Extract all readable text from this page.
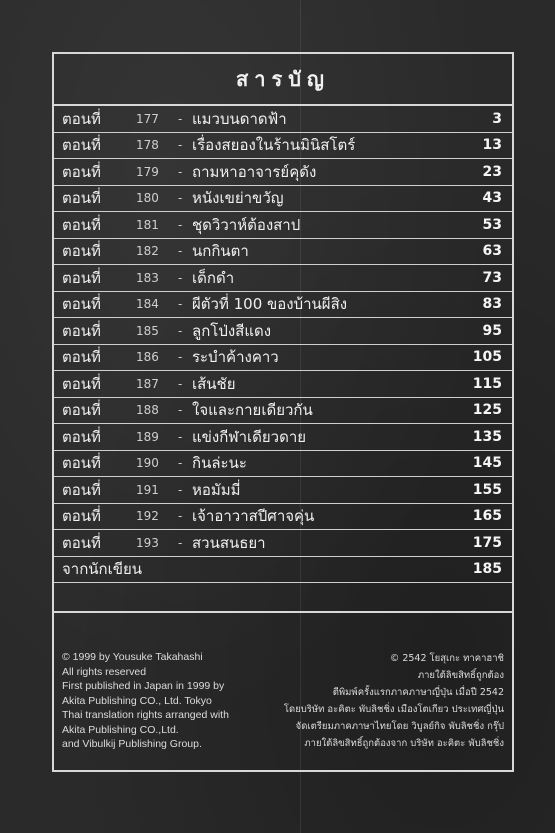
สารบัญ
ตอนที่	177 - แมวบนดาดฟ้า	3
ตอนที่	178 - เรื่องสยองในร้านมินิสโตร์	13
ตอนที่	179 - ถามหาอาจารย์คุดัง	23
ตอนที่	180 - หนังเขย่าขวัญ	43
ตอนที่	181 - ชุดวิวาห์ต้องสาป	53
ตอนที่	182 - นกกินตา	63
ตอนที่	183 - เด็กดำ	73
ตอนที่	184 - ผีตัวที่ 100 ของบ้านผีสิง	83
ตอนที่	185 - ลูกโป่งสีแดง	95
ตอนที่	186 - ระบำค้างคาว	105
ตอนที่	187 - เส้นชัย	115
ตอนที่	188 - ใจและกายเดียวกัน	125
ตอนที่	189 - แข่งกีฬาเดียวดาย	135
ตอนที่	190 - กินล่ะนะ	145
ตอนที่	191 - หอมัมมี่	155
ตอนที่	192 - เจ้าอาวาสปีศาจคุ่น	165
ตอนที่	193 - สวนสนธยา	175
จากนักเขียน	185
© 1999 by Yousuke Takahashi
All rights reserved
First published in Japan in 1999 by
Akita Publishing CO., Ltd. Tokyo
Thai translation rights arranged with
Akita Publishing CO.,Ltd.
and Vibulkij Publishing Group.
© 2542 โยสุเกะ ทาคาฮาชิ
ภายใต้ลิขสิทธิ์ถูกต้อง
ตีพิมพ์ครั้งแรกภาคภาษาญี่ปุ่น เมื่อปี 2542
โดยบริษัท อะคิตะ พับลิชชิ่ง เมืองโตเกียว ประเทศญี่ปุ่น
จัดเตรียมภาคภาษาไทยโดย วิบูลย์กิจ พับลิชชิ่ง กรุ๊ป
ภายใต้ลิขสิทธิ์ถูกต้องจาก บริษัท อะคิตะ พับลิชชิ่ง
